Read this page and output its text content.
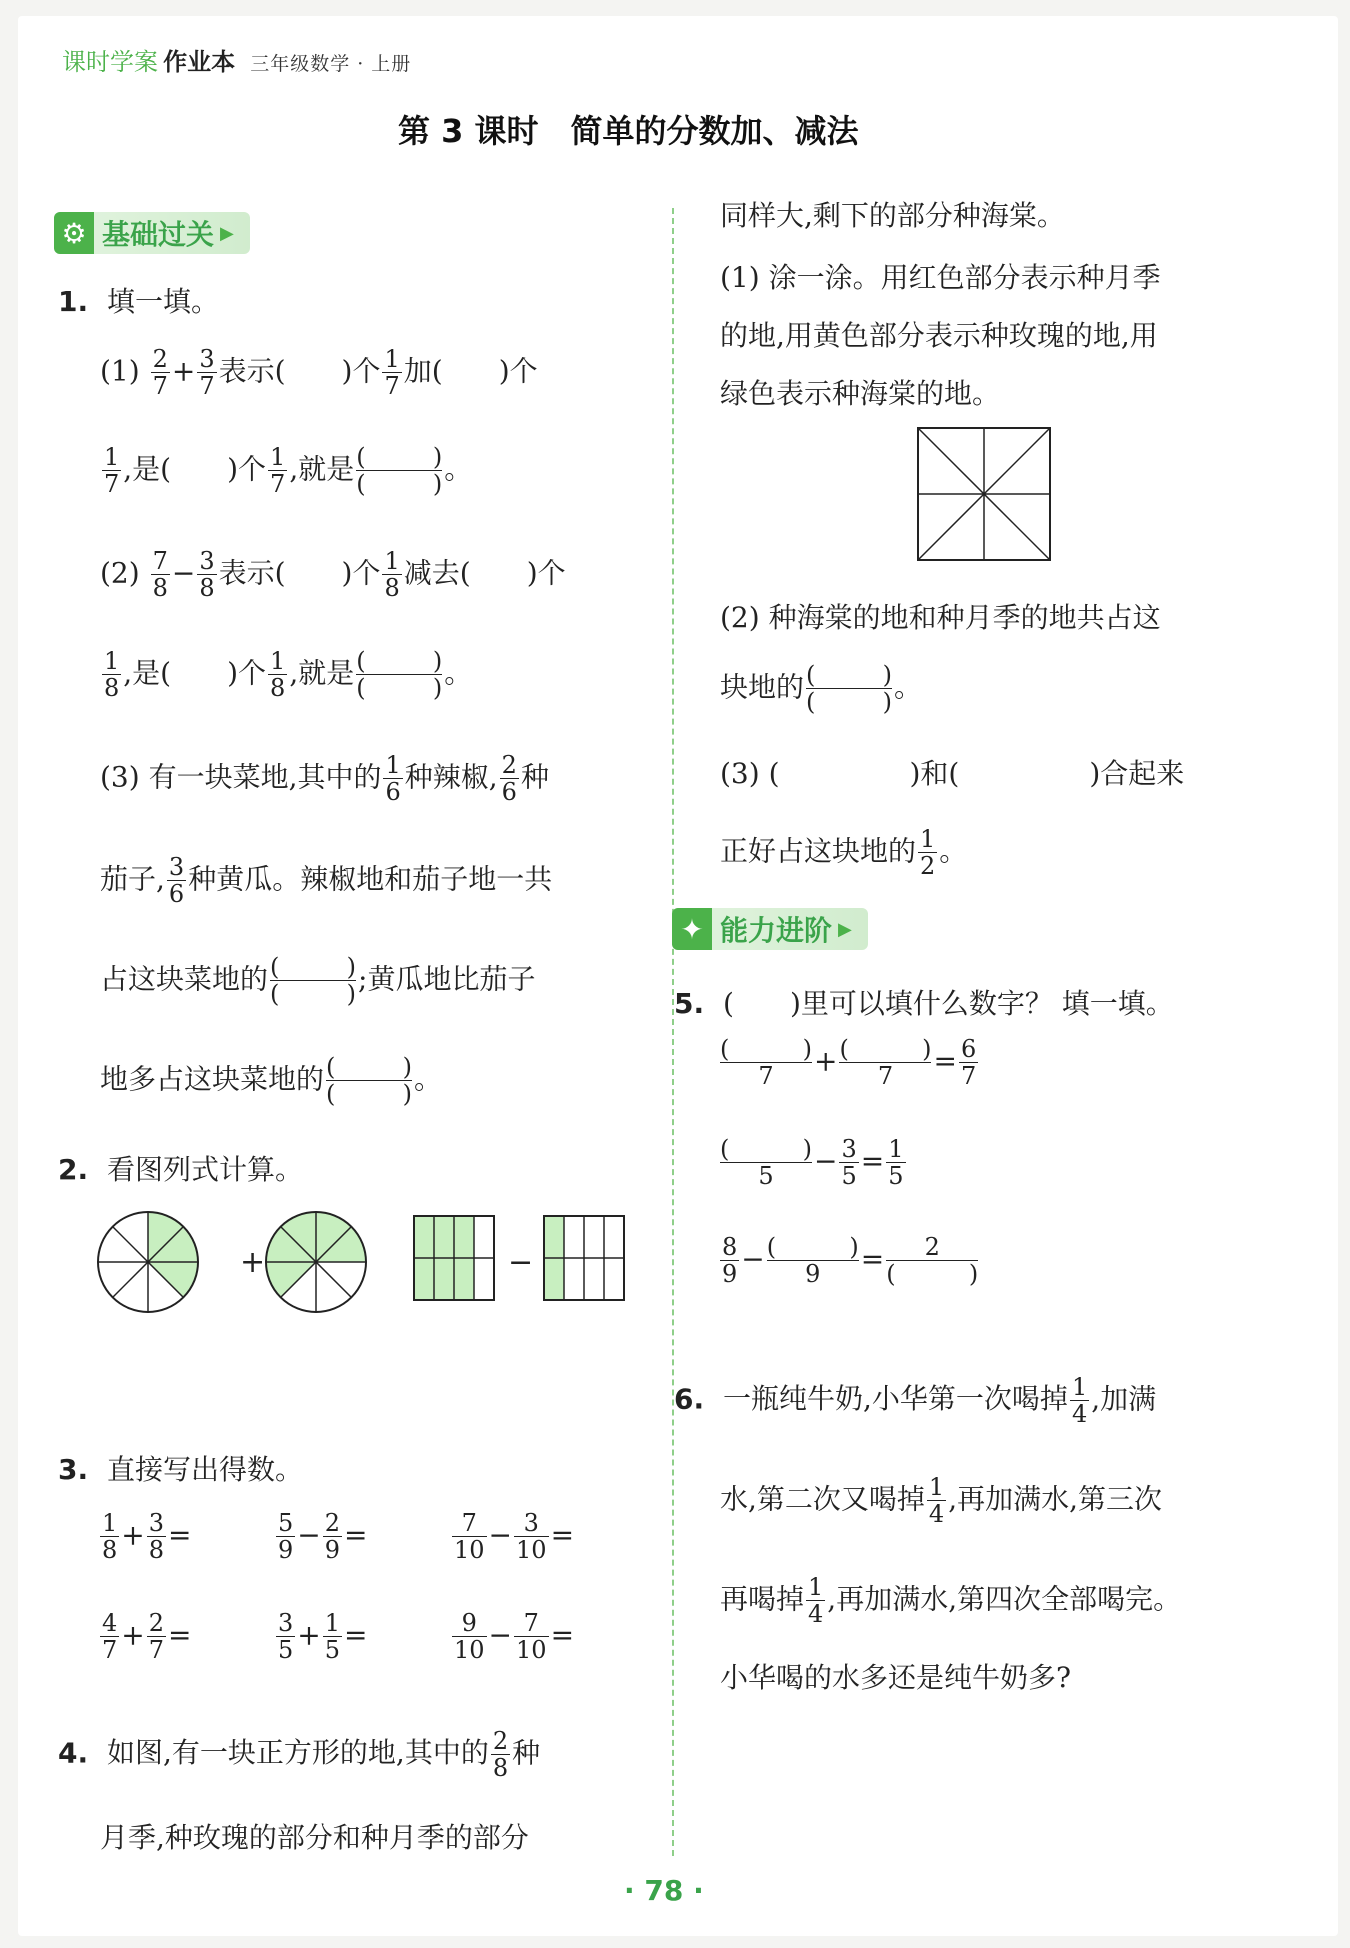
课时学案 作业本 三年级数学 · 上册
第 3 课时　简单的分数加、减法
⚙ 基础过关 ▶
1. 填一填。
$(1) \frac{2}{7} + \frac{3}{7}$ 表示( )个 $\frac{1}{7}$ 加( )个
$\frac{1}{7}$ ,是( )个 $\frac{1}{7}$ ,就是 (	)
(	) 。
$(2) \frac{7}{8} - \frac{3}{8}$ 表示( )个 $\frac{1}{8}$ 减去( )个
$\frac{1}{8}$ ,是( )个 $\frac{1}{8}$ ,就是 (	)
(	) 。
(3) 有一块菜地,其中的 $\frac{1}{6}$ 种辣椒, $\frac{2}{6}$ 种
茄子, $\frac{3}{6}$ 种黄瓜。辣椒地和茄子地一共
占这块菜地的 (	)
(	) ;黄瓜地比茄子
地多占这块菜地的 (	)
(	) 。
2. 看图列式计算。
+	−
3. 直接写出得数。
$\frac{1}{8} + \frac{3}{8}$ =	$\frac{5}{9} - \frac{2}{9}$ =	$\frac{7}{10} - \frac{3}{10}$ =
$\frac{4}{7} + \frac{2}{7}$ =	$\frac{3}{5} + \frac{1}{5}$ =	$\frac{9}{10} - \frac{7}{10}$ =
4. 如图,有一块正方形的地,其中的 $\frac{2}{8}$ 种
月季,种玫瑰的部分和种月季的部分
同样大,剩下的部分种海棠。
(1) 涂一涂。用红色部分表示种月季
的地,用黄色部分表示种玫瑰的地,用
绿色表示种海棠的地。
(2) 种海棠的地和种月季的地共占这
块地的 (	)
(	) 。
(3) (	)和(	)合起来
正好占这块地的 $\frac{1}{2}$ 。
✦ 能力进阶 ▶
5. (　　)里可以填什么数字？ 填一填。
(	)
7 + (	)
$7 = \frac{6}{7}$
(	)
$5 - \frac{3}{5} = \frac{1}{5}$
$\frac{8}{9}$ − (	)
9 = 2
(	)
6. 一瓶纯牛奶,小华第一次喝掉 $\frac{1}{4}$ ,加满
水,第二次又喝掉 $\frac{1}{4}$ ,再加满水,第三次
再喝掉 $\frac{1}{4}$ ,再加满水,第四次全部喝完。
小华喝的水多还是纯牛奶多?
· 78 ·
